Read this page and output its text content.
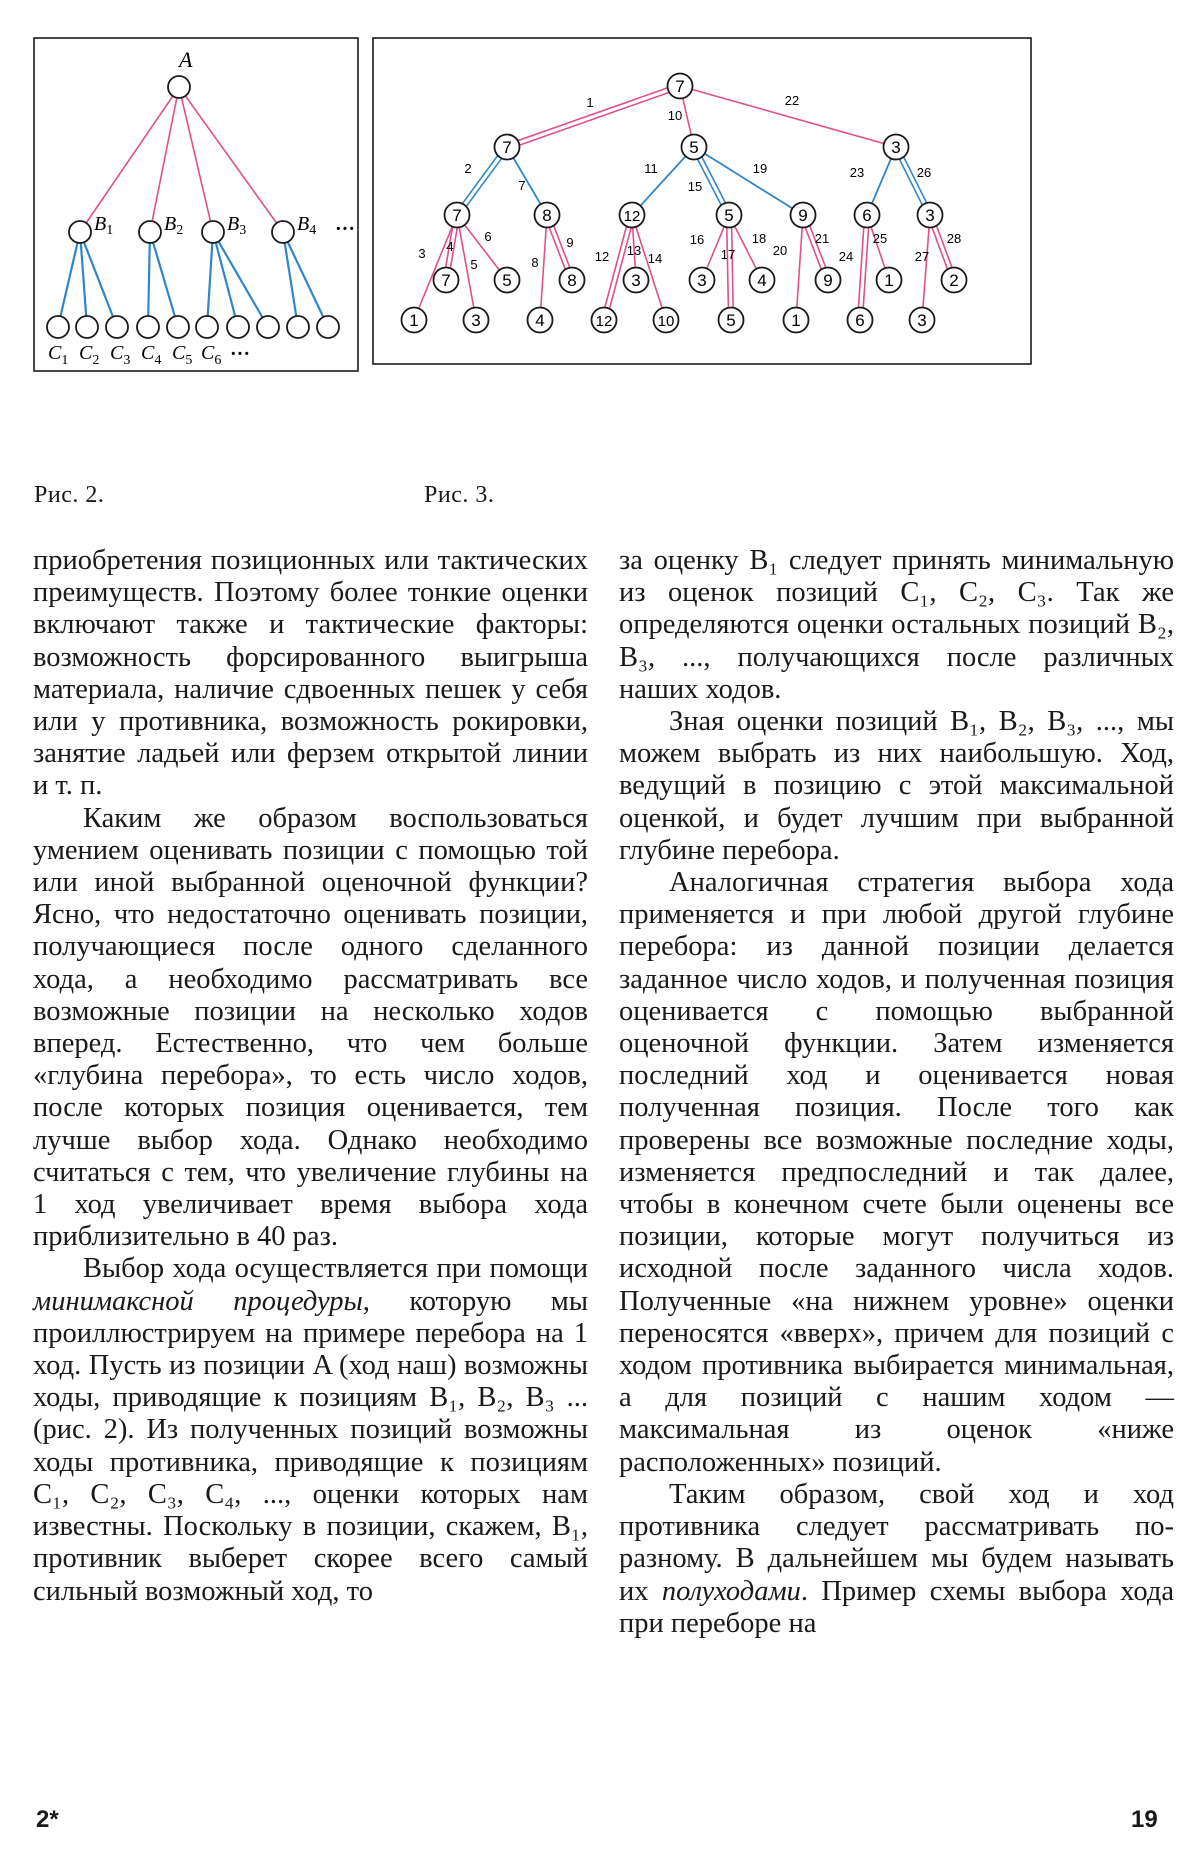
A
$B_1$	$B_2$ $B_3$	$B_4$ ···
$C_1$ $C_2$ $C_3$ $C_4$ $C_5$ $C_6$ ···
7
7	5	3
7	8	12	5	9	6	3
7	5	8	3	3	4	9	1	2
1	3	4	12	10	5	1	6	3
1
10
22
2
7
11
15
19	23	26
3 4
5
6
8
9
12 13
14
16
17
18
20
21
24
25
27
28
Рис. 2.	Рис. 3.

приобретения позиционных или тактических преимуществ. Поэтому более тонкие оценки включают также и тактические факторы: возможность форсированного выигрыша материала, наличие сдвоенных пешек у себя или у противника, возможность рокировки, занятие ладьей или ферзем открытой линии и т. п.

Каким же образом воспользоваться умением оценивать позиции с помощью той или иной выбранной оценочной функции? Ясно, что недостаточно оценивать позиции, получающиеся после одного сделанного хода, а необходимо рассматривать все возможные позиции на несколько ходов вперед. Естественно, что чем больше «глубина перебора», то есть число ходов, после которых позиция оценивается, тем лучше выбор хода. Однако необходимо считаться с тем, что увеличение глубины на 1 ход увеличивает время выбора хода приблизительно в 40 раз.

Выбор хода осуществляется при помощи минимаксной процедуры, которую мы проиллюстрируем на примере перебора на 1 ход. Пусть из позиции A (ход наш) возможны ходы, приводящие к позициям B₁, B₂, B₃ ... (рис. 2). Из полученных позиций возможны ходы противника, приводящие к позициям C₁, C₂, C₃, C₄, ..., оценки которых нам известны. Поскольку в позиции, скажем, B₁, противник выберет скорее всего самый сильный возможный ход, то

за оценку B₁ следует принять минимальную из оценок позиций C₁, C₂, C₃. Так же определяются оценки остальных позиций B₂, B₃, ..., получающихся после различных наших ходов.

Зная оценки позиций B₁, B₂, B₃, ..., мы можем выбрать из них наибольшую. Ход, ведущий в позицию с этой максимальной оценкой, и будет лучшим при выбранной глубине перебора.

Аналогичная стратегия выбора хода применяется и при любой другой глубине перебора: из данной позиции делается заданное число ходов, и полученная позиция оценивается с помощью выбранной оценочной функции. Затем изменяется последний ход и оценивается новая полученная позиция. После того как проверены все возможные последние ходы, изменяется предпоследний и так далее, чтобы в конечном счете были оценены все позиции, которые могут получиться из исходной после заданного числа ходов. Полученные «на нижнем уровне» оценки переносятся «вверх», причем для позиций с ходом противника выбирается минимальная, а для позиций с нашим ходом — максимальная из оценок «ниже расположенных» позиций.

Таким образом, свой ход и ход противника следует рассматривать по-разному. В дальнейшем мы будем называть их полуходами. Пример схемы выбора хода при переборе на

2*	19
